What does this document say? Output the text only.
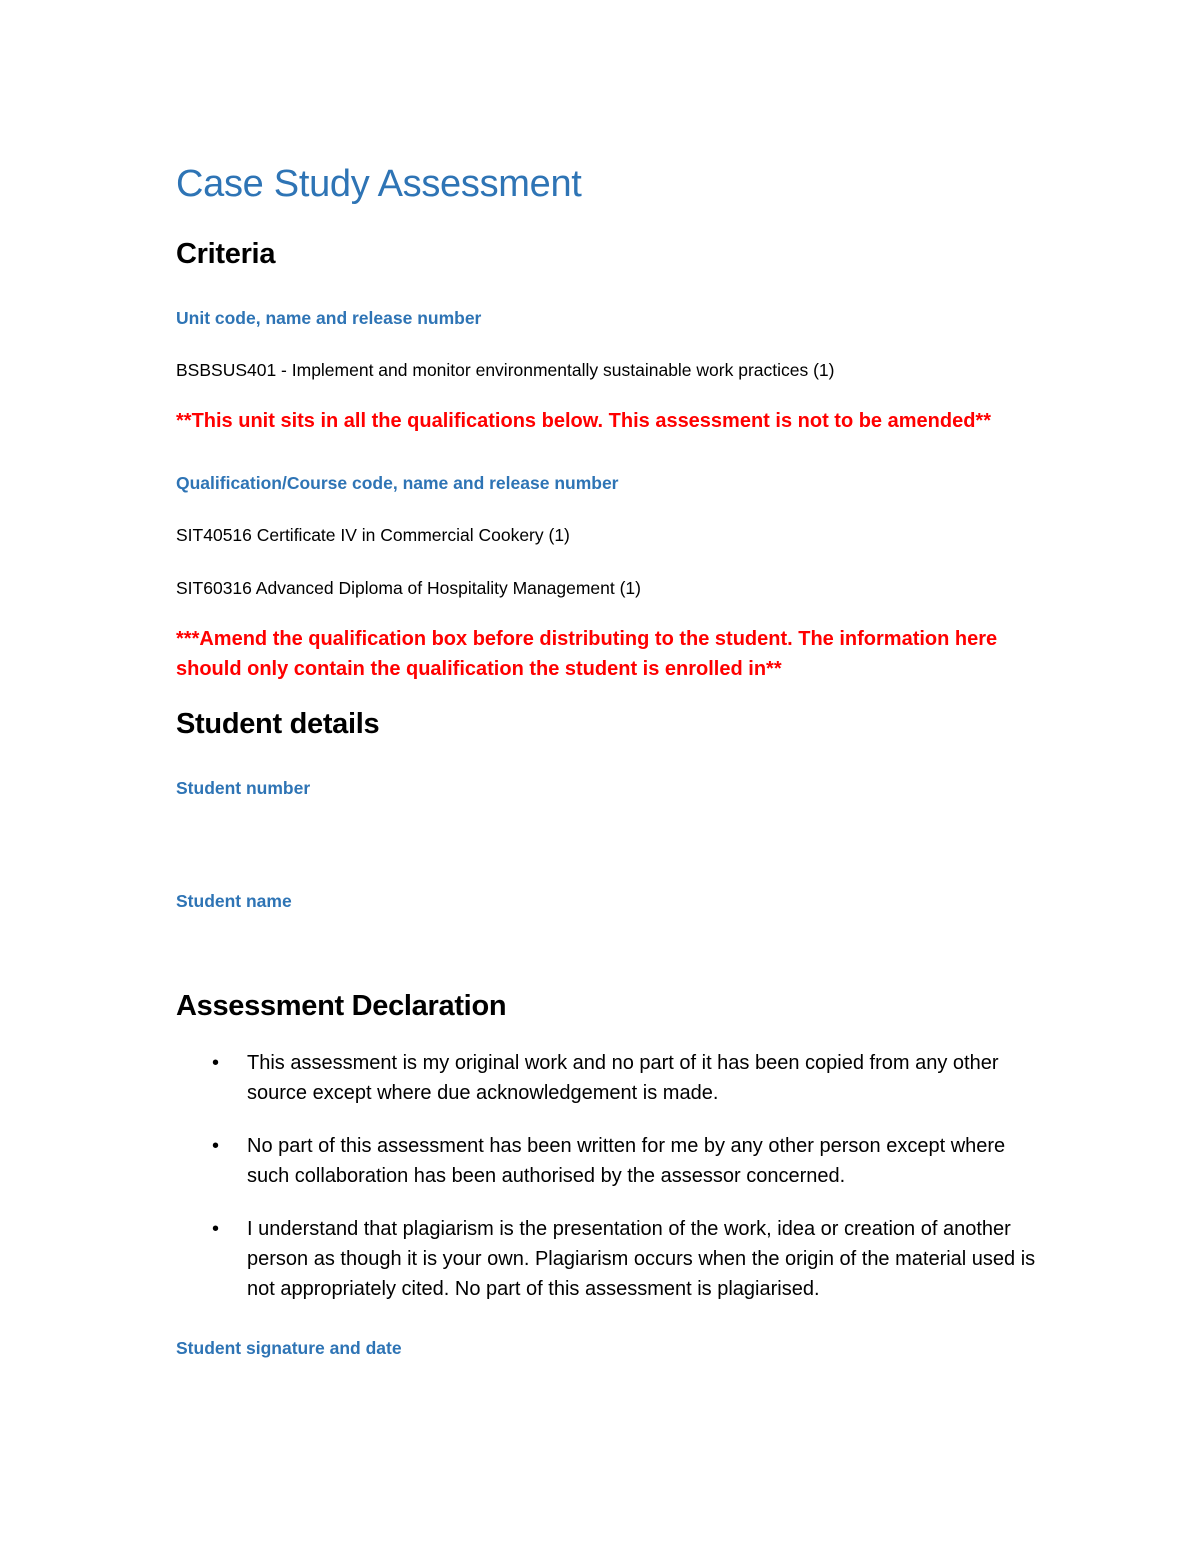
Case Study Assessment
Criteria
Unit code, name and release number
BSBSUS401 - Implement and monitor environmentally sustainable work practices (1)
**This unit sits in all the qualifications below. This assessment is not to be amended**
Qualification/Course code, name and release number
SIT40516 Certificate IV in Commercial Cookery (1)
SIT60316 Advanced Diploma of Hospitality Management (1)
***Amend the qualification box before distributing to the student. The information here
should only contain the qualification the student is enrolled in**
Student details
Student number
Student name
Assessment Declaration
• This assessment is my original work and no part of it has been copied from any other source except where due acknowledgement is made.
• No part of this assessment has been written for me by any other person except where such collaboration has been authorised by the assessor concerned.
• I understand that plagiarism is the presentation of the work, idea or creation of another person as though it is your own. Plagiarism occurs when the origin of the material used is not appropriately cited. No part of this assessment is plagiarised.
Student signature and date
